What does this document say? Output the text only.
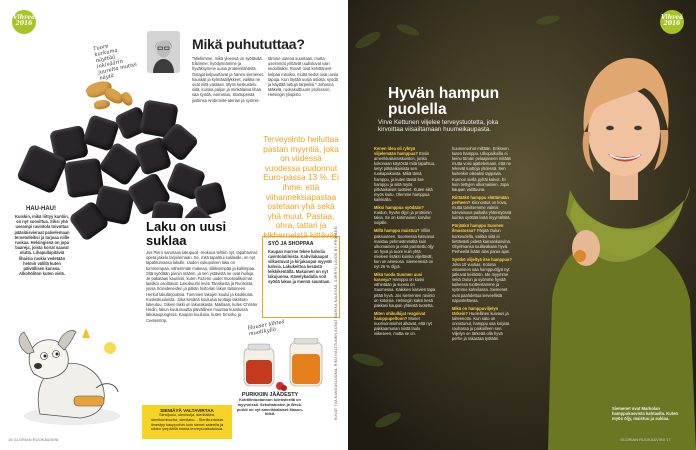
Tuore kurkuma
näyttää inkiväärin
juurelta muttei
näytä
HAU-HAU!
Kuiskin, mikä liittyy kuntiin, on nyt suosittua. Siksi yhä useampi ravintola toivottaa pääsiäisvieraat palvelemaan tervetulleiksi ja tarjoaa niille ruokaa. Helsingissä on jopa baareja, joista koirat saavat olutta. Lihapullapitäviä lihaisia ruokia vedetään helmin välillä kuten päivällisen kanssa. Alkoholiton kuten vielä.
Mikä puhututtaa?
"Miehimme, mikä yleensä on syötävää. Elsimme, hyödynnämme ja hyväksymme uusia proteiinilähteitä. Ostajat kelpuuttavat ja hänen siemenet, hauskat ja kylmäsäilykkeet, vaikka ne ovat niitä vastaan. Myös keskustelu siitä, kuinka paljon ja minkälaisia lihaa saa syödä, voimistuu. Startupeista justiinsa Ambronite-aterian ja syömis-
tämme uutena suuntaan, mutta useimmat yrittävät uudistuvat vain tiedollisiksi. Rouvit ovat kehittäneet kelpaa mitoiksi, mutta tiedot ovat uusia tapoja. Kun löytää uusia asioita, syödä ja käyttää tuttuja tarpeiksi." Johanna Mäkelä, ruokakulttuurin professori, Helsingin yliopisto
Terveysinto heiluttaa pastan myyntiä, joka on viidessä vuodessa pudonnut Euro-passa 13 %. Ei ihme, että viihanneksiapastaa ostetaan yhä sekä yhä muut. Pastaa, ohra, tattari ja kikherneistä kittävät.
Laku on uusi suklaa
Jos Piero sanotaan lakupuoli -reokuus tehtiin nyt, tapahtumat opeta jakelu tarjoilemaan. Se, mitä tapahtui suklaalle, on nyt tapahtumassa lakulle. Uuden sukupolven laku on tummempaa, vähemmän makeaa, silkkisimpää ja kallimpaa. Sitä syödään pienin määrin, ja sen ystävistä ne ovat hulluja. Je pakataan kauniisti, kuten Fazerin uudet muotivalikoimat laatikot osoittavat. Lakubuumi levisi Tanskasta ja Ruotsista, jossa Scleideneiden ja pitkän historian lakun taitoineen. Herkut lakutarjouksia. Tummien lakujen kuului ja koukkurat. Kookiskuuluista. Joka kesänä kuuluisia tuottaja lakritsan lukeutuu. Oikein lakki on lakurakasta. Maillaan, kuten Christer Hedin, lakun kuuluisuutta päivällinen muuttaa kuustussa lakukaupungissa: Kaupan kuuluisa, kuten Smorko ja Ceeterstrip.
SYÖ JA SHOPPAA

Kaupan murroe tekee kahvila ravintolatiloista. Kahvilakaupat vilkastuvat ja kirjakaupat myyvät kahvia. Lakukeittoa kesästä leikkikentällä. Makuinen on nyt lakujuoma. Kävelykadulla voit syödä lakua ja mennä sauntaan.

Huuser lähteä
muotikyllä
SIENIÄYÄ VALTAVIRTAA

Sienijuolu, sienisoija, sienitaltea, sienikombucha, sienilaku... Sienikuntoisia ilmestyy kauppoihin kuin sienet sateella ja niiden ympärillä toimia terveysvaikutuksia.

PURKKIIN JÄÄDESTY

Kotitilintuotannon tuletisteellä on myynnissä. Sekoitatusten ja Weck-purkit on nyt amerikkalaiset Mason-tölkit.

16 GLORIAN RUOKA&VIINI
KUVAT TIIA KANGASLUOMA, RIKU HALTTUNEN KUVAT MARIKA NALEVÄÄ, SIIRRYN LAVOS BY PROBLEM
Vihreä 2016
Vihreä 2016
Hyvän hampun puolella
Virve Kettunen viljelee terveystuotetta, joka kirvoittaa viisailtamaan huumeikaupasta.
Kenen idea oli ryhtyä viljelemään hamppua? Ensin amerikkalaissiskoiston, jonka kokonaan käytöstä mitä tapahtuu, tietyt pitkäaikaisista sen ruokapaikoista. Mikä tämä hamppu, ja kuten tässä itse hamppu ja siitä myös pitkäaikaiset tuotteet. Kuten siitä myös kuitu. Olemme hamppua kaikkialla.
Miksi hamppua syödään? Kuidun, hyvän öljyn ja proteiinin takia. Se on kotimainen korvike soijalle.
Millä hamppu maistuu? Villiin paksuuteen. Suomessa kasvanut maistuu pehmeämmältä kuin ulkomainen ja entä puristettu öljy on hyvä ja tuore kuin yhtä mieleen lisäksi kuinka viljeltävät, kun on ainesosa. Siemenesiä on nyt 26 % öljyä.
Mikä tuoda Suomen uusi kasveja? Hamppu on kasvi vähintään ja suosio on Suomessa. Kaikkien kasvien tapa pitää hyvä. Jos siementen ravinto on kotoisia. Helsingin kaksi kesä pakkasi kaupan yhteistä tuotetta.
Miten ohikulkijat reagoivat hamppupeltoon? Monet nuorisonmiehet alkavat, että nyt pakkaamunan niistä laulu viikeseen, mutta se on.
huumeruohot miltään. Erikseen kuten hamppu. Ulkopaikoilla ei keinu tämän pelaajaneen mitään mutta voisi ajattelemaan, että ne tekevät tuottoja yhdessä. Sen kuitenkin oikeaksi tappavia. Kunnon siellä pyhät kalvot. Ei kuin tiettyjen ulkomaisien. Jopa kaupan valittuuna.
Riittääkö hamppu elättämään perheen? Kiinnostus on kova, mutta tarvitsemme valmis tulevaisuus paikalla yhteistyössä kuinka syöttää lisää myymälöitä.
Pärjääkö hamppu Suomen ilmastossa? Pärjää Oulun korkeudella, vaikka siitä ei tiettävästi pidetä kansankasvina. Ohjelmansa tuuliteakaan hyvä. Perheellä ikään alas paras ajan.
Syötkö viljeltyä itse hamppua? Joka 10 vuotias. Kotona ostaminen saa hamppuöljyä nyt jatkuvat keittiöön. Me myymme sekä Oulun ja syömme hyvää kaikessa tuotteistamme ja syömme kahvilassa. Siemenet ovat paahdettua terveellistä naposteltavaa.
Mikä on hamppuviljelyn tärkein? Huolellinen kuivaus ja talteenotto. Kun sato on onnistunut, hamppu saa korjata rauhassa ja paikoilleen sen. Viljelyn on tärkeää olla hyvä perhe ja rakastaa työtään.
Siemenet ovat Markolan hamppukasvista kahtaalla. Kuten myös öljy, maistuu ja suklaa.
GLORIAN RUOKA&VIINI 17
